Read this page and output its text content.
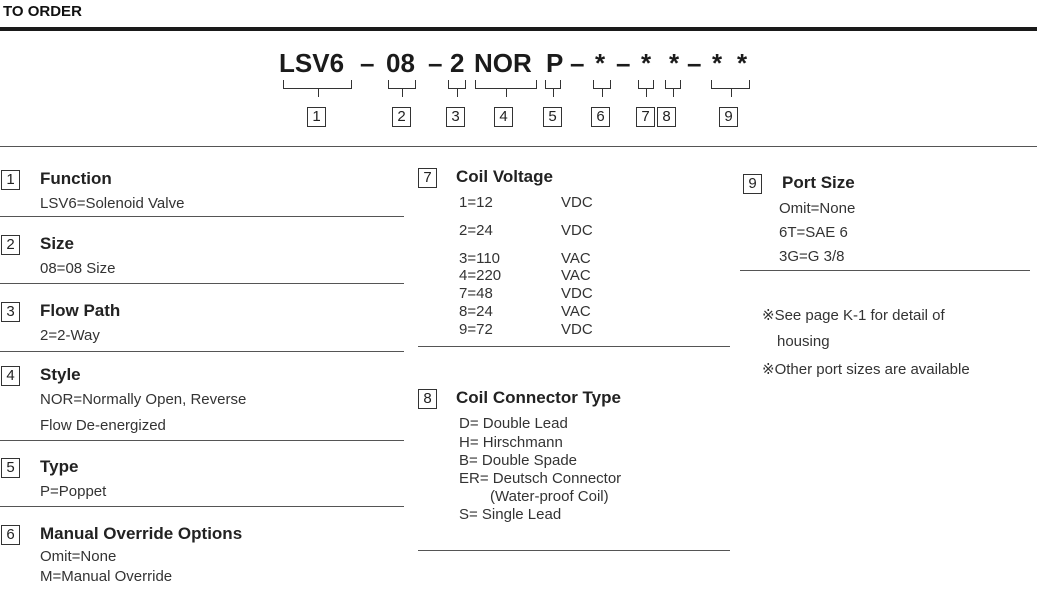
TO ORDER
LSV6 – 08 – 2 NOR P – * – * * – * *
1	2	3	4	5	6	7 8	9
1	Function
LSV6=Solenoid Valve
2	Size
08=08 Size
3	Flow Path
2=2-Way
4	Style
NOR=Normally Open, Reverse
Flow De-energized
5	Type
P=Poppet
6	Manual Override Options
Omit=None
M=Manual Override
7	Coil Voltage
1=12	VDC
2=24	VDC
3=110	VAC
4=220	VAC
7=48	VDC
8=24	VAC
9=72	VDC
8	Coil Connector Type
D= Double Lead
H= Hirschmann
B= Double Spade
ER= Deutsch Connector
(Water-proof Coil)
S= Single Lead
9	Port Size
Omit=None
6T=SAE 6
3G=G 3/8
※See page K-1 for detail of
housing
※Other port sizes are available
